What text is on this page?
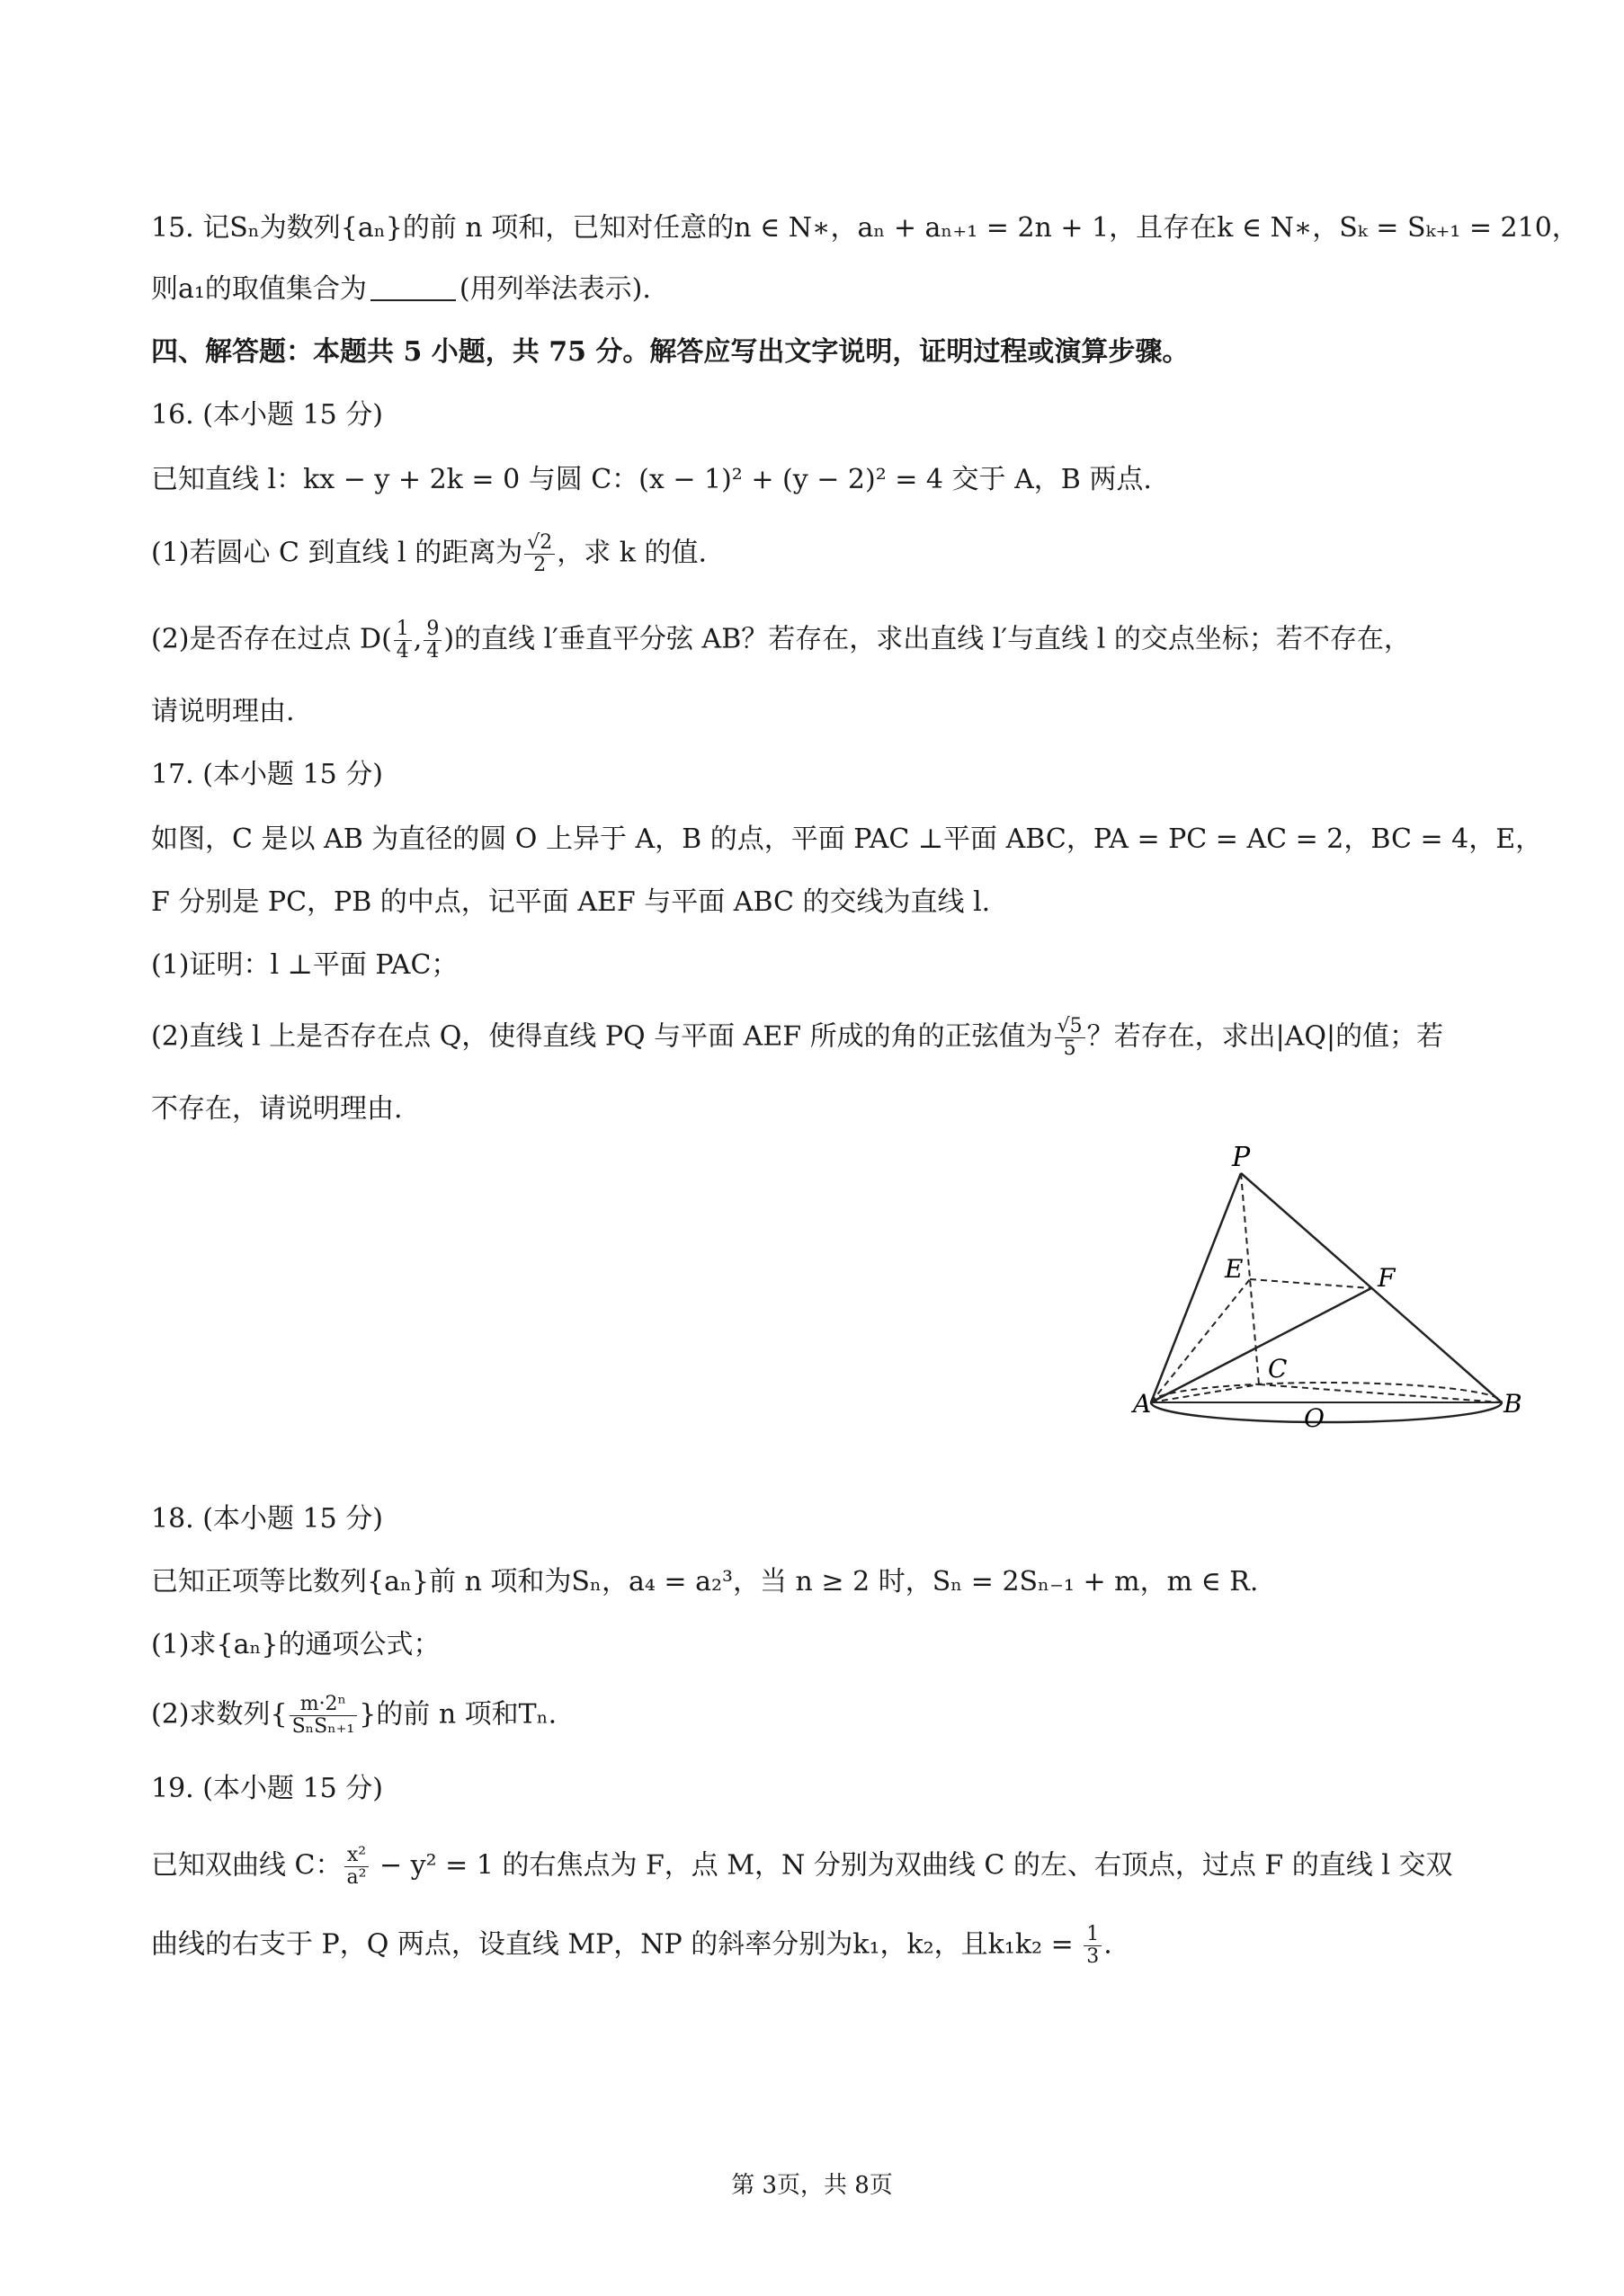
15. 记Sₙ为数列{aₙ}的前 n 项和，已知对任意的n ∈ N∗，aₙ + aₙ₊₁ = 2n + 1，且存在k ∈ N∗，Sₖ = Sₖ₊₁ = 210，
则a₁的取值集合为	(用列举法表示).
四、解答题：本题共 5 小题，共 75 分。解答应写出文字说明，证明过程或演算步骤。
16. (本小题 15 分)
已知直线 l：kx − y + 2k = 0 与圆 C：(x − 1)² + (y − 2)² = 4 交于 A，B 两点.
(1)若圆心 C 到直线 l 的距离为 $\frac{√2}{2}$ ，求 k 的值.
(2)是否存在过点 $D( \frac{1}{4}$ , $\frac{9}{4}$ )的直线 l′垂直平分弦 AB？若存在，求出直线 l′与直线 l 的交点坐标；若不存在，
请说明理由.
17. (本小题 15 分)
如图，C 是以 AB 为直径的圆 O 上异于 A，B 的点，平面 PAC ⊥平面 ABC，PA = PC = AC = 2，BC = 4，E，
F 分别是 PC，PB 的中点，记平面 AEF 与平面 ABC 的交线为直线 l.
(1)证明：l ⊥平面 PAC；
(2)直线 l 上是否存在点 Q，使得直线 PQ 与平面 AEF 所成的角的正弦值为 $\frac{√5}{5}$ ？若存在，求出|AQ|的值；若
不存在，请说明理由.
P
E	F
C
A	O	B
18. (本小题 15 分)
已知正项等比数列{aₙ}前 n 项和为Sₙ，a₄ = a₂³，当 n ≥ 2 时，Sₙ = 2Sₙ₋₁ + m，m ∈ R.
(1)求{aₙ}的通项公式；
(2)求数列{ $\frac{\text{m·2ⁿ}}{\text{SₙSₙ₊₁}}$ }的前 n 项和Tₙ.
19. (本小题 15 分)
已知双曲线 C： $\frac{\text{x²}}{\text{a²}} - y^2 = 1$ 的右焦点为 F，点 M，N 分别为双曲线 C 的左、右顶点，过点 F 的直线 l 交双
曲线的右支于 P，Q 两点，设直线 MP，NP 的斜率分别为k₁，k₂，且$k_1k_2 = \frac{1}{3}$ .
第 3页，共 8页
